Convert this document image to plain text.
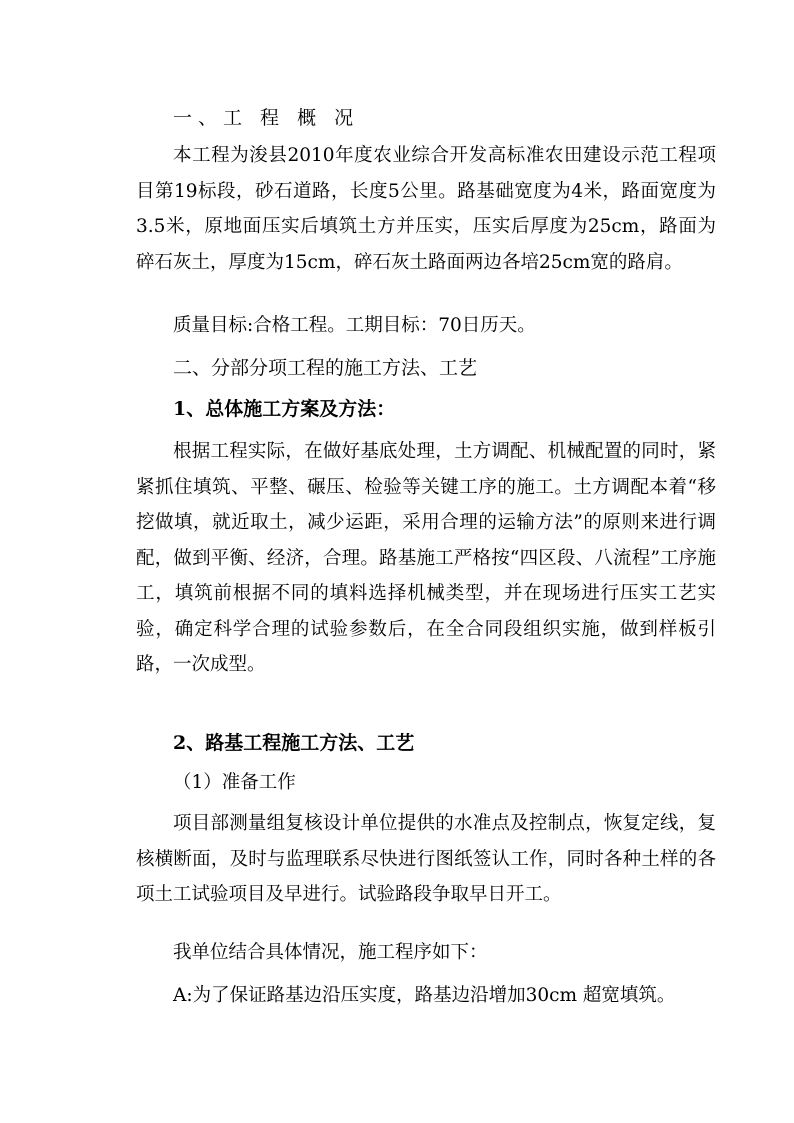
一、工 程 概 况

本工程为浚县2010年度农业综合开发高标准农田建设示范工程项目第19标段，砂石道路，长度5公里。路基础宽度为4米，路面宽度为3.5米，原地面压实后填筑土方并压实，压实后厚度为25cm，路面为碎石灰土，厚度为15cm，碎石灰土路面两边各培25cm宽的路肩。

质量目标:合格工程。工期目标：70日历天。
二、分部分项工程的施工方法、工艺
1、总体施工方案及方法：

根据工程实际，在做好基底处理，土方调配、机械配置的同时，紧紧抓住填筑、平整、碾压、检验等关键工序的施工。土方调配本着“移挖做填，就近取土，减少运距，采用合理的运输方法”的原则来进行调配，做到平衡、经济，合理。路基施工严格按“四区段、八流程”工序施工，填筑前根据不同的填料选择机械类型，并在现场进行压实工艺实验，确定科学合理的试验参数后，在全合同段组织实施，做到样板引路，一次成型。

2、路基工程施工方法、工艺
（1）准备工作

项目部测量组复核设计单位提供的水准点及控制点，恢复定线，复核横断面，及时与监理联系尽快进行图纸签认工作，同时各种土样的各项土工试验项目及早进行。试验路段争取早日开工。

我单位结合具体情况，施工程序如下：
A:为了保证路基边沿压实度，路基边沿增加30cm 超宽填筑。
